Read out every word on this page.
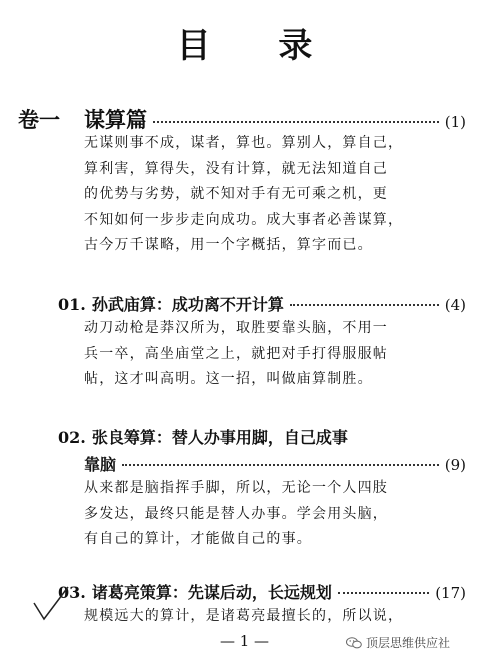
目 录
卷一 谋算篇	(1)
无谋则事不成，谋者，算也。算别人，算自己，
算利害，算得失，没有计算，就无法知道自己
的优势与劣势，就不知对手有无可乘之机，更
不知如何一步步走向成功。成大事者必善谋算，
古今万千谋略，用一个字概括，算字而已。
01. 孙武庙算：成功离不开计算	(4)
动刀动枪是莽汉所为，取胜要靠头脑，不用一
兵一卒，高坐庙堂之上，就把对手打得服服帖
帖，这才叫高明。这一招，叫做庙算制胜。
02. 张良筹算：替人办事用脚，自己成事
靠脑	(9)
从来都是脑指挥手脚，所以，无论一个人四肢
多发达，最终只能是替人办事。学会用头脑，
有自己的算计，才能做自己的事。
03. 诸葛亮策算：先谋后动，长远规划	(17)
规模远大的算计，是诸葛亮最擅长的，所以说，
— 1 —	顶层思维供应社
